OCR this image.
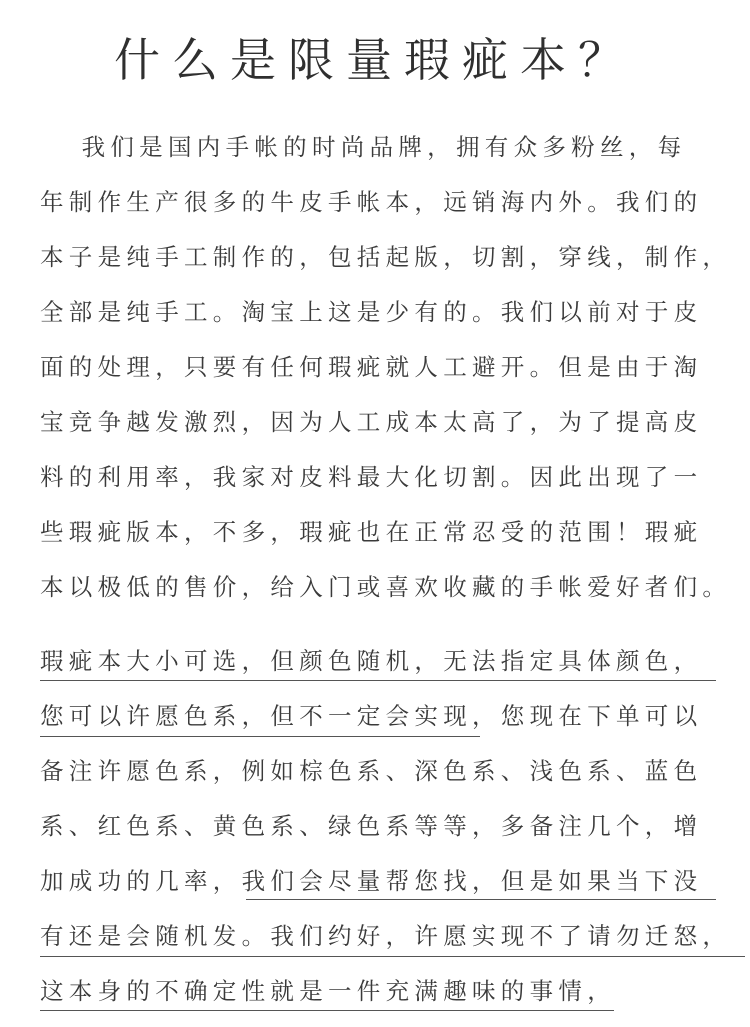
什么是限量瑕疵本？
　 我们是国内手帐的时尚品牌，拥有众多粉丝，每
年制作生产很多的牛皮手帐本，远销海内外。我们的
本子是纯手工制作的，包括起版，切割，穿线，制作，
全部是纯手工。淘宝上这是少有的。我们以前对于皮
面的处理，只要有任何瑕疵就人工避开。但是由于淘
宝竞争越发激烈，因为人工成本太高了，为了提高皮
料的利用率，我家对皮料最大化切割。因此出现了一
些瑕疵版本，不多，瑕疵也在正常忍受的范围！瑕疵
本以极低的售价，给入门或喜欢收藏的手帐爱好者们。
瑕疵本大小可选，但颜色随机，无法指定具体颜色，
您可以许愿色系，但不一定会实现，您现在下单可以
备注许愿色系，例如棕色系、深色系、浅色系、蓝色
系、红色系、黄色系、绿色系等等，多备注几个，增
加成功的几率，我们会尽量帮您找，但是如果当下没
有还是会随机发。我们约好，许愿实现不了请勿迁怒，
这本身的不确定性就是一件充满趣味的事情，
